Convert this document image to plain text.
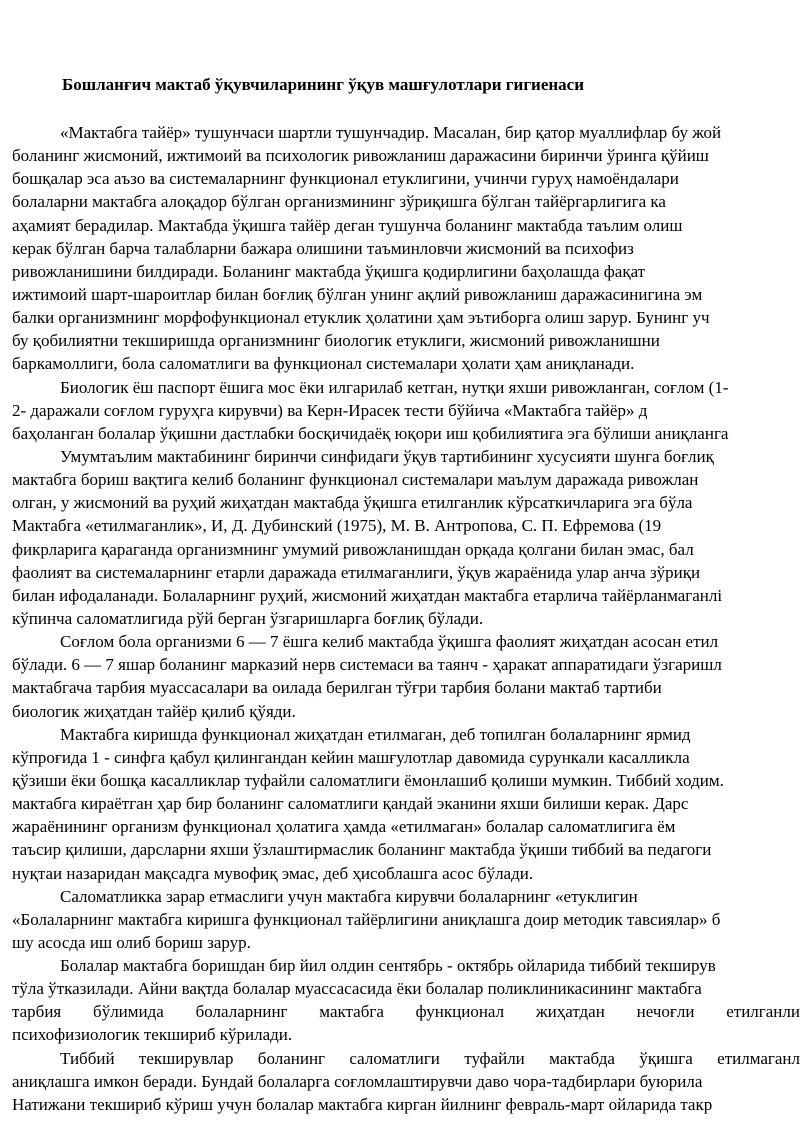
Бошланғич мактаб ўқувчиларининг ўқув машғулотлари гигиенаси
«Мактабга тайёр» тушунчаси шартли тушунчадир. Масалан, бир қатор муаллифлар бу жой
боланинг жисмоний, ижтимоий ва психологик ривожланиш даражасини биринчи ўринга қўйиш
бошқалар эса аъзо ва системаларнинг функционал етуклигини, учинчи гуруҳ намоёндалари
болаларни мактабга алоқадор бўлган организмининг зўриқишга бўлган тайёргарлигига ка
аҳамият берадилар. Мактабда ўқишга тайёр деган тушунча боланинг мактабда таълим олиш
керак бўлган барча талабларни бажара олишини таъминловчи жисмоний ва психофиз
ривожланишини билдиради. Боланинг мактабда ўқишга қодирлигини баҳолашда фақат
ижтимоий шарт-шароитлар билан боғлиқ бўлган унинг ақлий ривожланиш даражасинигина эм
балки организмнинг морфофункционал етуклик ҳолатини ҳам эътиборга олиш зарур. Бунинг уч
бу қобилиятни текширишда организмнинг биологик етуклиги, жисмоний ривожланишни
баркамоллиги, бола саломатлиги ва функционал системалари ҳолати ҳам аниқланади.
Биологик ёш паспорт ёшига мос ёки илгарилаб кетган, нутқи яхши ривожланган, соғлом (1-
2- даражали соғлом гуруҳга кирувчи) ва Керн-Ирасек тести бўйича «Мактабга тайёр» д
баҳоланган болалар ўқишни дастлабки босқичидаёқ юқори иш қобилиятига эга бўлиши аниқланга
Умумтаълим мактабининг биринчи синфидаги ўқув тартибининг хусусияти шунга боғлиқ
мактабга бориш вақтига келиб боланинг функционал системалари маълум даражада ривожлан
олган, у жисмоний ва руҳий жиҳатдан мактабда ўқишга етилганлик кўрсаткичларига эга бўла
Мактабга «етилмаганлик», И, Д. Дубинский (1975), М. В. Антропова, С. П. Ефремова (19
фикрларига қараганда организмнинг умумий ривожланишдан орқада қолгани билан эмас, бал
фаолият ва системаларнинг етарли даражада етилмаганлиги, ўқув жараёнида улар анча зўриқи
билан ифодаланади. Болаларнинг руҳий, жисмоний жиҳатдан мактабга етарлича тайёрланмаганлі
кўпинча саломатлигида рўй берган ўзгаришларга боғлиқ бўлади.
Соғлом бола организми 6 — 7 ёшга келиб мактабда ўқишга фаолият жиҳатдан асосан етил
бўлади. 6 — 7 яшар боланинг марказий нерв системаси ва таянч - ҳаракат аппаратидаги ўзгаришл
мактабгача тарбия муассасалари ва оилада берилган тўғри тарбия болани мактаб тартиби
биологик жиҳатдан тайёр қилиб қўяди.
Мактабга киришда функционал жиҳатдан етилмаган, деб топилган болаларнинг ярмид
кўпроғида 1 - синфга қабул қилингандан кейин машғулотлар давомида сурункали касалликла
қўзиши ёки бошқа касалликлар туфайли саломатлиги ёмонлашиб қолиши мумкин. Тиббий ходим.
мактабга кираётган ҳар бир боланинг саломатлиги қандай эканини яхши билиши керак. Дарс
жараёнининг организм функционал ҳолатига ҳамда «етилмаган» болалар саломатлигига ём
таъсир қилиши, дарсларни яхши ўзлаштирмаслик боланинг мактабда ўқиши тиббий ва педагоги
нуқтаи назаридан мақсадга мувофиқ эмас, деб ҳисоблашга асос бўлади.
Саломатликка зарар етмаслиги учун мактабга кирувчи болаларнинг «етуклигин
«Болаларнинг мактабга киришга функционал тайёрлигини аниқлашга доир методик тавсиялар» б
шу асосда иш олиб бориш зарур.
Болалар мактабга боришдан бир йил олдин сентябрь - октябрь ойларида тиббий текширув
тўла ўтказилади. Айни вақтда болалар муассасасида ёки болалар поликлиникасининг мактабга
тарбия бўлимида болаларнинг мактабга функционал жиҳатдан нечоғли етилганли
психофизиологик текшириб кўрилади.
Тиббий текширувлар боланинг саломатлиги туфайли мактабда ўқишга етилмаганл
аниқлашга имкон беради. Бундай болаларга соғломлаштирувчи даво чора-тадбирлари буюрила
Натижани текшириб кўриш учун болалар мактабга кирган йилнинг февраль-март ойларида такр
